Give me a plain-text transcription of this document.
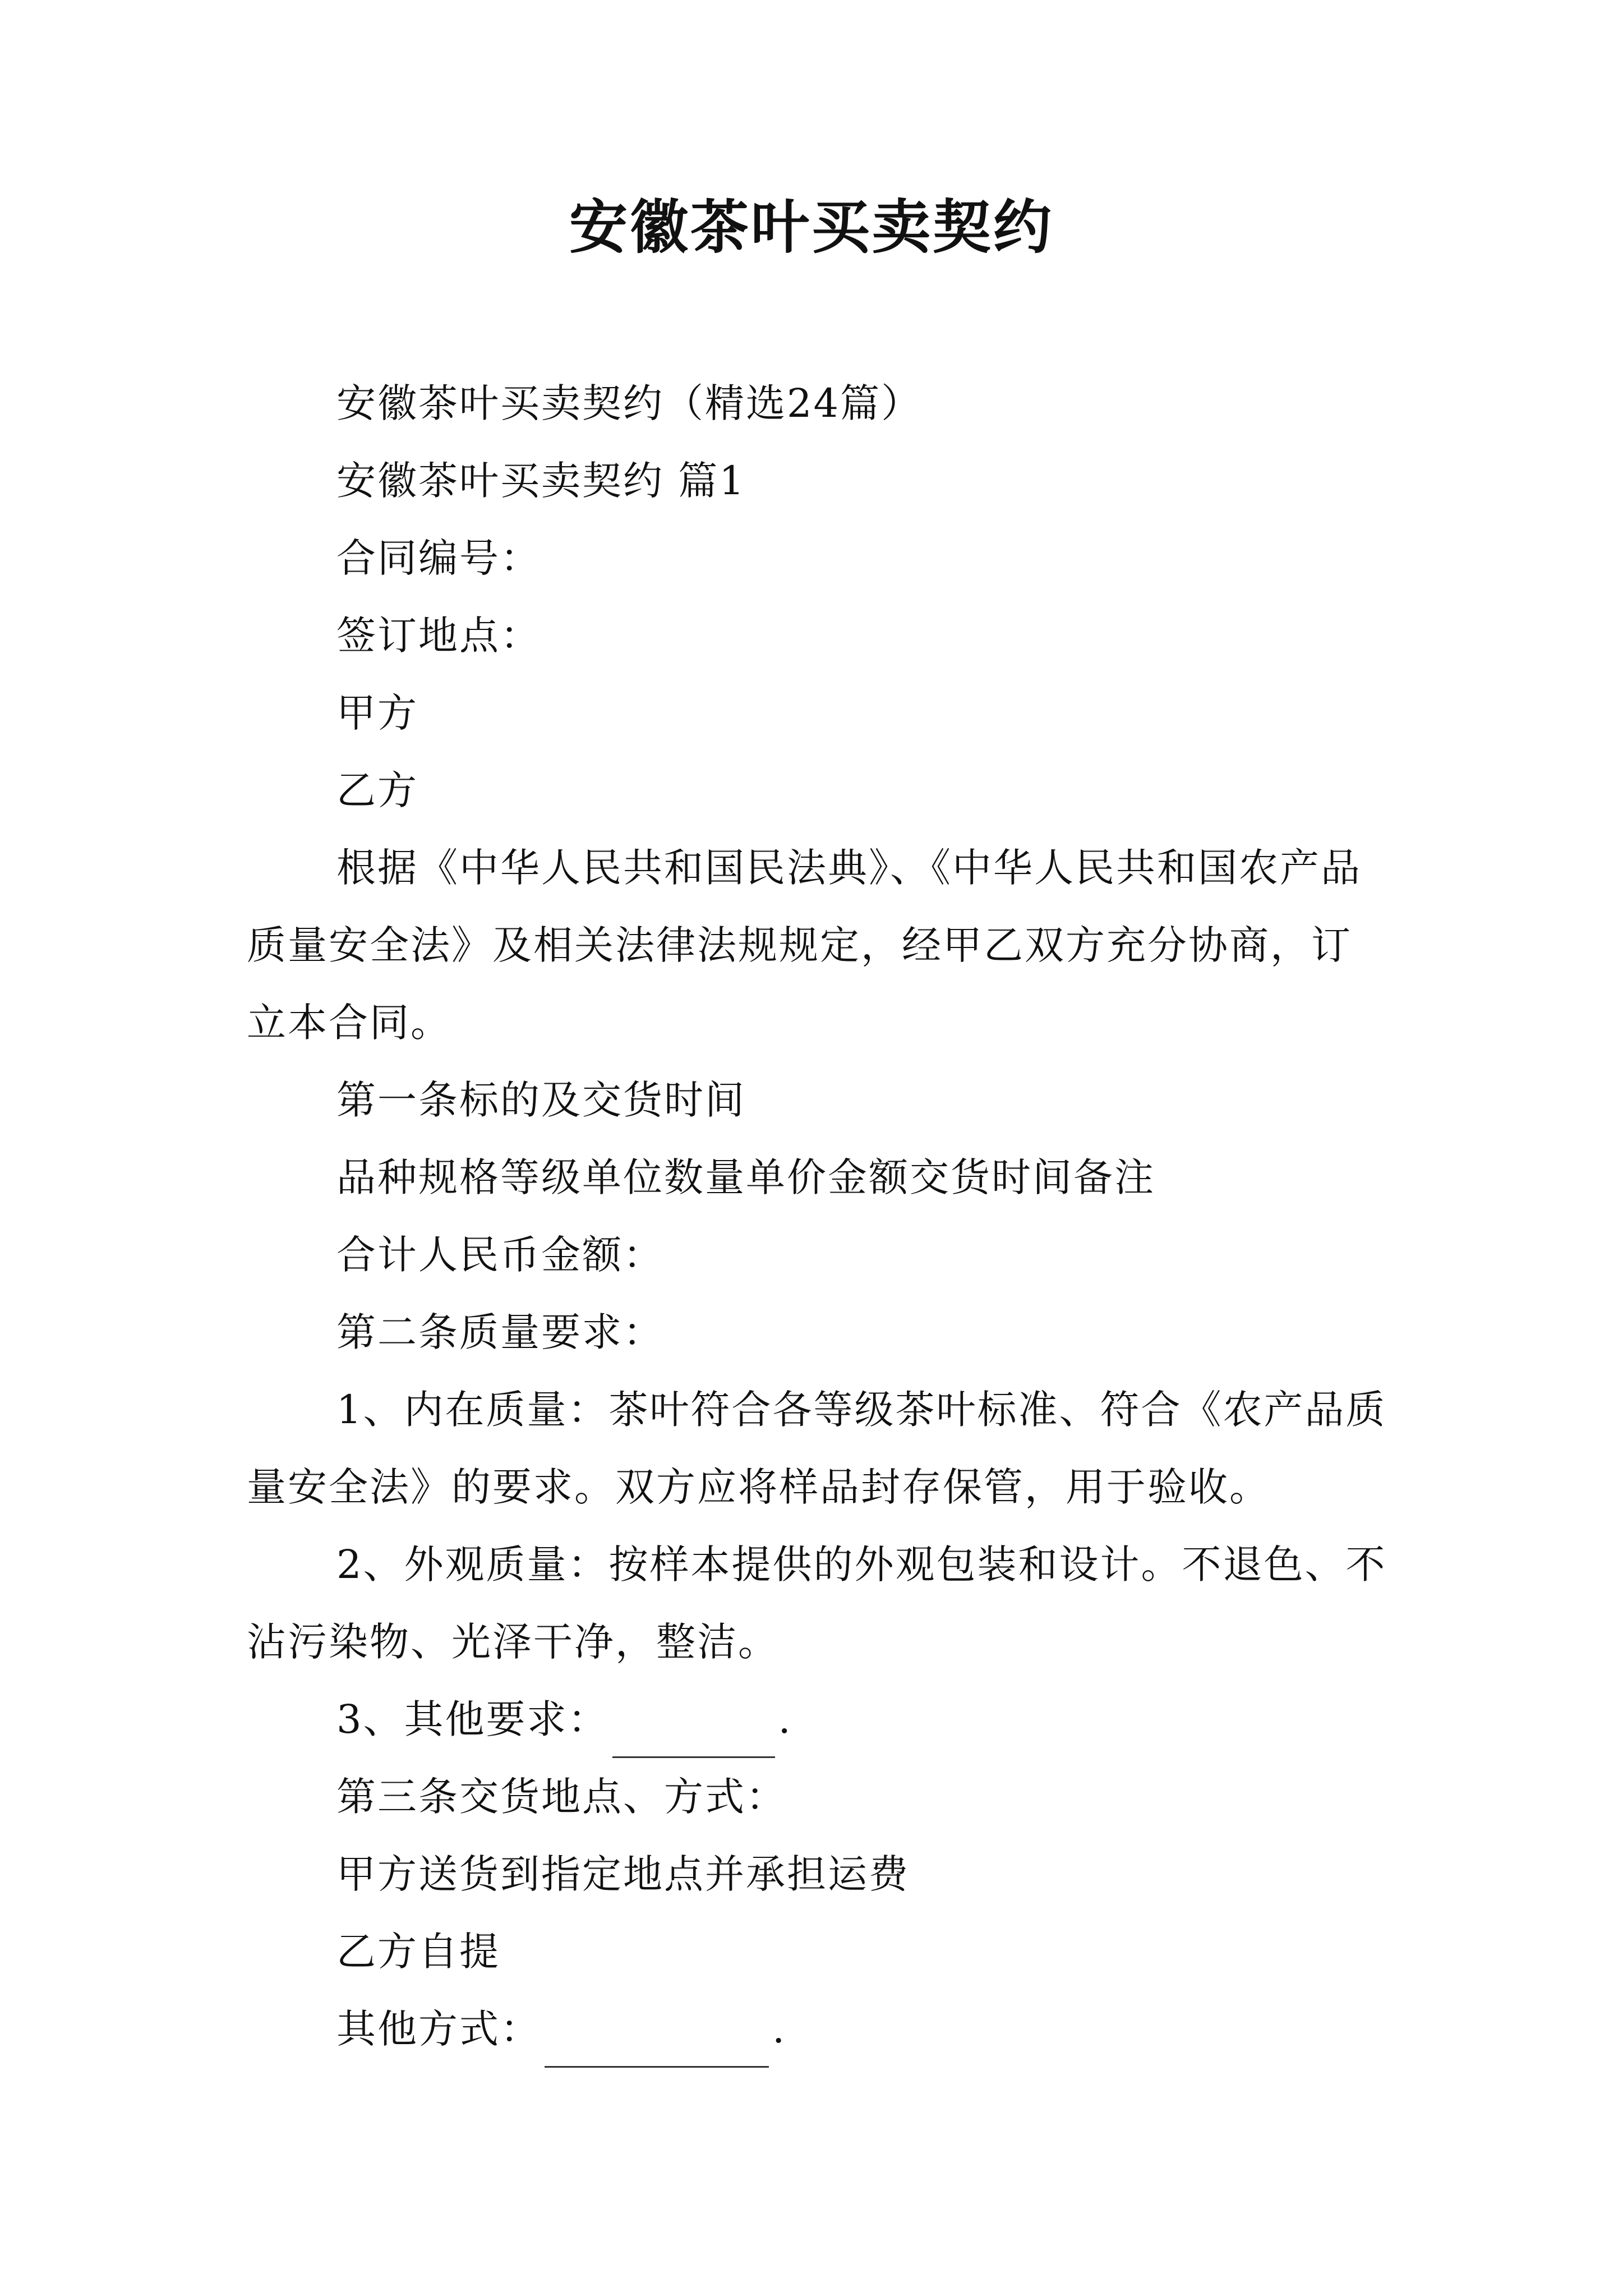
安徽茶叶买卖契约

安徽茶叶买卖契约（精选24篇）

安徽茶叶买卖契约 篇1

合同编号：

签订地点：

甲方

乙方

根据《中华人民共和国民法典》、《中华人民共和国农产品质量安全法》及相关法律法规规定，经甲乙双方充分协商，订立本合同。

第一条标的及交货时间

品种规格等级单位数量单价金额交货时间备注

合计人民币金额：

第二条质量要求：

1、内在质量：茶叶符合各等级茶叶标准、符合《农产品质量安全法》的要求。双方应将样品封存保管，用于验收。

2、外观质量：按样本提供的外观包装和设计。不退色、不沾污染物、光泽干净，整洁。

3、其他要求：	.

第三条交货地点、方式：

甲方送货到指定地点并承担运费

乙方自提

其他方式：	.
